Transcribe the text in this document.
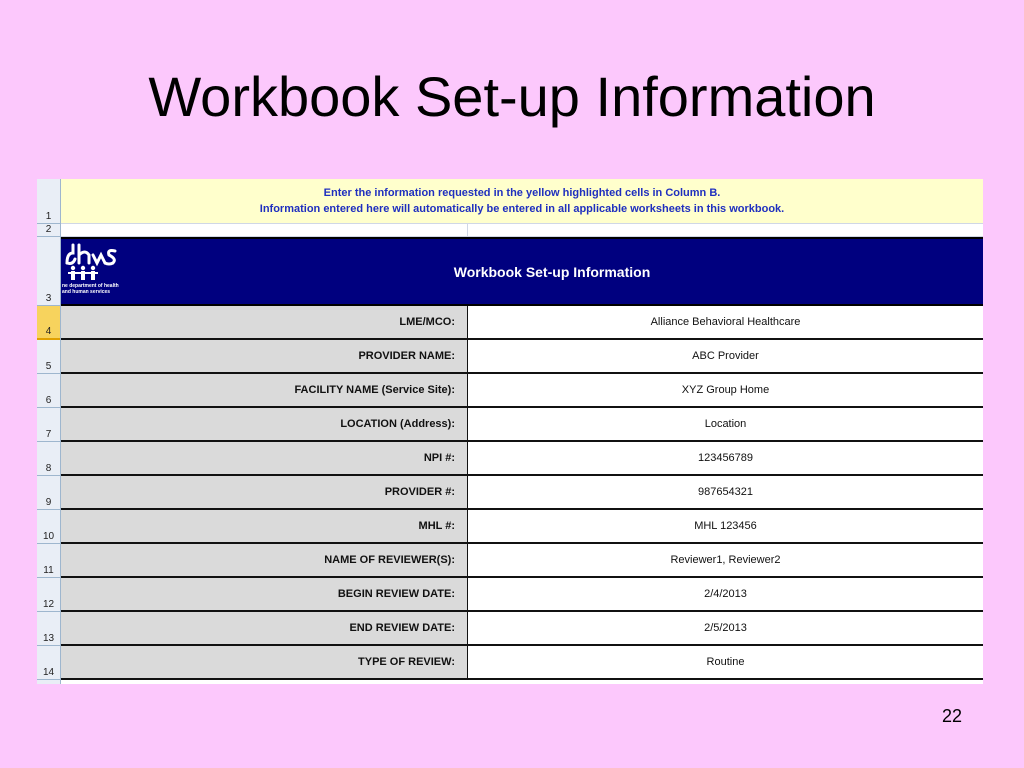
Workbook Set-up Information
1
2
3
4
5
6
7
8
9
10
11
12
13
14
Enter the information requested in the yellow highlighted cells in Column B.
Information entered here will automatically be entered in all applicable worksheets in this workbook.
ne department of health and human services
Workbook Set-up Information
LME/MCO:	Alliance Behavioral Healthcare
PROVIDER NAME:	ABC Provider
FACILITY NAME (Service Site):	XYZ Group Home
LOCATION (Address):	Location
NPI #:	123456789
PROVIDER #:	987654321
MHL #:	MHL 123456
NAME OF REVIEWER(S):	Reviewer1, Reviewer2
BEGIN REVIEW DATE:	2/4/2013
END REVIEW DATE:	2/5/2013
TYPE OF REVIEW:	Routine
22
